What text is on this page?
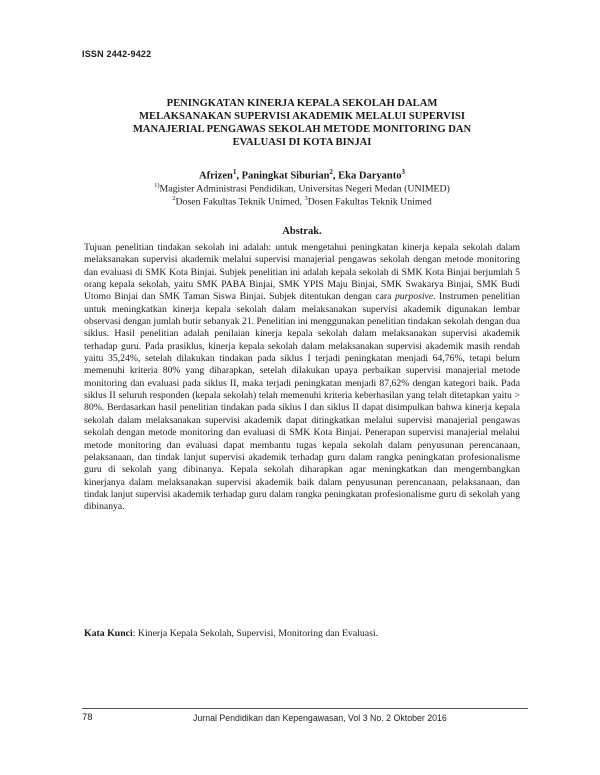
ISSN 2442-9422
PENINGKATAN KINERJA KEPALA SEKOLAH DALAM
MELAKSANAKAN SUPERVISI AKADEMIK MELALUI SUPERVISI
MANAJERIAL PENGAWAS SEKOLAH METODE MONITORING DAN
EVALUASI DI KOTA BINJAI
Afrizen$^1$, Paningkat Siburian$^2$, Eka Daryanto$^3$
$^{1)}$Magister Administrasi Pendidikan, Universitas Negeri Medan (UNIMED)
$^2$Dosen Fakultas Teknik Unimed, $^3$Dosen Fakultas Teknik Unimed
Abstrak.

Tujuan penelitian tindakan sekolah ini adalah: untuk mengetahui peningkatan kinerja kepala sekolah dalam melaksanakan supervisi akademik melalui supervisi manajerial pengawas sekolah dengan metode monitoring dan evaluasi di SMK Kota Binjai. Subjek penelitian ini adalah kepala sekolah di SMK Kota Binjai berjumlah 5 orang kepala sekolah, yaitu SMK PABA Binjai, SMK YPIS Maju Binjai, SMK Swakarya Binjai, SMK Budi Utomo Binjai dan SMK Taman Siswa Binjai. Subjek ditentukan dengan cara purposive. Instrumen penelitian untuk meningkatkan kinerja kepala sekolah dalam melaksanakan supervisi akademik digunakan lembar observasi dengan jumlah butir sebanyak 21. Penelitian ini menggunakan penelitian tindakan sekolah dengan dua siklus. Hasil penelitian adalah penilaian kinerja kepala sekolah dalam melaksanakan supervisi akademik terhadap guru. Pada prasiklus, kinerja kepala sekolah dalam melaksanakan supervisi akademik masih rendah yaitu 35,24%, setelah dilakukan tindakan pada siklus I terjadi peningkatan menjadi 64,76%, tetapi belum memenuhi kriteria 80% yang diharapkan, setelah dilakukan upaya perbaikan supervisi manajerial metode monitoring dan evaluasi pada siklus II, maka terjadi peningkatan menjadi 87,62% dengan kategori baik. Pada siklus II seluruh responden (kepala sekolah) telah memenuhi kriteria keberhasilan yang telah ditetapkan yaitu > 80%. Berdasarkan hasil penelitian tindakan pada siklus I dan siklus II dapat disimpulkan bahwa kinerja kepala sekolah dalam melaksanakan supervisi akademik dapat ditingkatkan melalui supervisi manajerial pengawas sekolah dengan metode monitoring dan evaluasi di SMK Kota Binjai. Penerapan supervisi manajerial melalui metode monitoring dan evaluasi dapat membantu tugas kepala sekolah dalam penyusunan perencanaan, pelaksanaan, dan tindak lanjut supervisi akademik terhadap guru dalam rangka peningkatan profesionalisme guru di sekolah yang dibinanya. Kepala sekolah diharapkan agar meningkatkan dan mengembangkan kinerjanya dalam melaksanakan supervisi akademik baik dalam penyusunan perencanaan, pelaksanaan, dan tindak lanjut supervisi akademik terhadap guru dalam rangka peningkatan profesionalisme guru di sekolah yang dibinanya.

Kata Kunci: Kinerja Kepala Sekolah, Supervisi, Monitoring dan Evaluasi.
78	Jurnal Pendidikan dan Kepengawasan, Vol 3 No. 2 Oktober 2016
